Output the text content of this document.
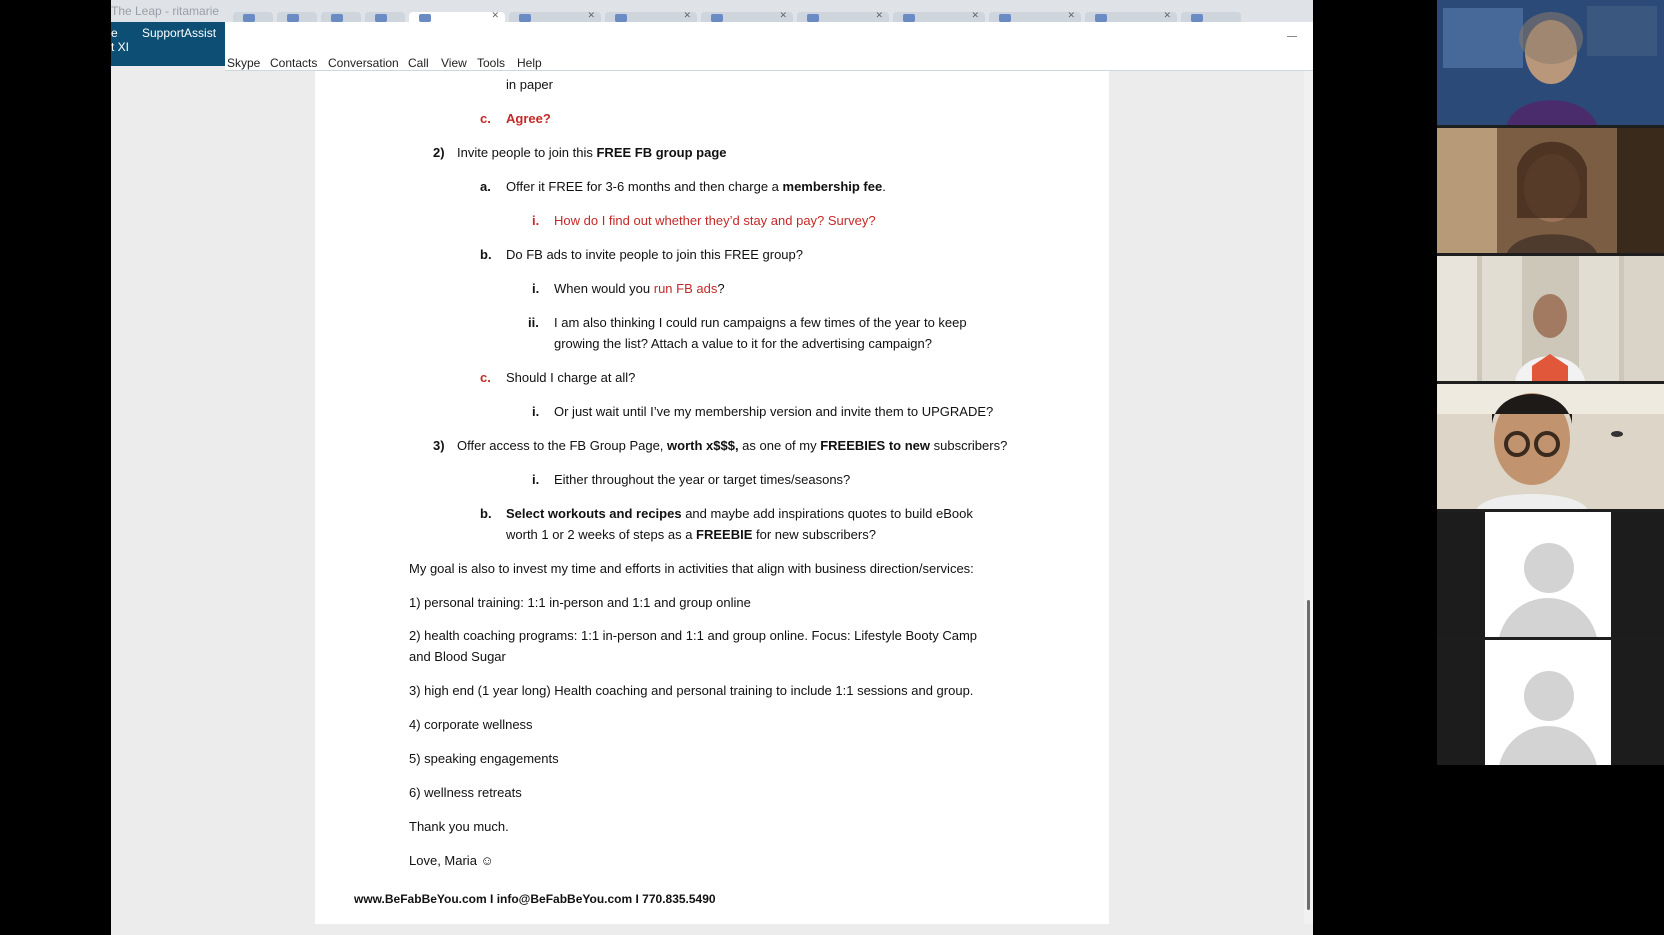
The Leap - ritamarie	✕	✕	✕	✕	✕	✕	✕	✕
e SupportAssist
t XI
Skype Contacts Conversation Call View Tools Help

in paper

c. Agree?

2) Invite people to join this FREE FB group page

a. Offer it FREE for 3-6 months and then charge a membership fee.

i. How do I find out whether they’d stay and pay? Survey?

b. Do FB ads to invite people to join this FREE group?

i. When would you run FB ads?

ii. I am also thinking I could run campaigns a few times of the year to keep

growing the list? Attach a value to it for the advertising campaign?

c. Should I charge at all?

i. Or just wait until I’ve my membership version and invite them to UPGRADE?

3) Offer access to the FB Group Page, worth x$$$, as one of my FREEBIES to new subscribers?

i. Either throughout the year or target times/seasons?

b. Select workouts and recipes and maybe add inspirations quotes to build eBook

worth 1 or 2 weeks of steps as a FREEBIE for new subscribers?

My goal is also to invest my time and efforts in activities that align with business direction/services:

1) personal training: 1:1 in-person and 1:1 and group online

2) health coaching programs: 1:1 in-person and 1:1 and group online. Focus: Lifestyle Booty Camp

and Blood Sugar

3) high end (1 year long) Health coaching and personal training to include 1:1 sessions and group.

4) corporate wellness

5) speaking engagements

6) wellness retreats

Thank you much.

Love, Maria ☺

www.BeFabBeYou.com I info@BeFabBeYou.com I 770.835.5490
